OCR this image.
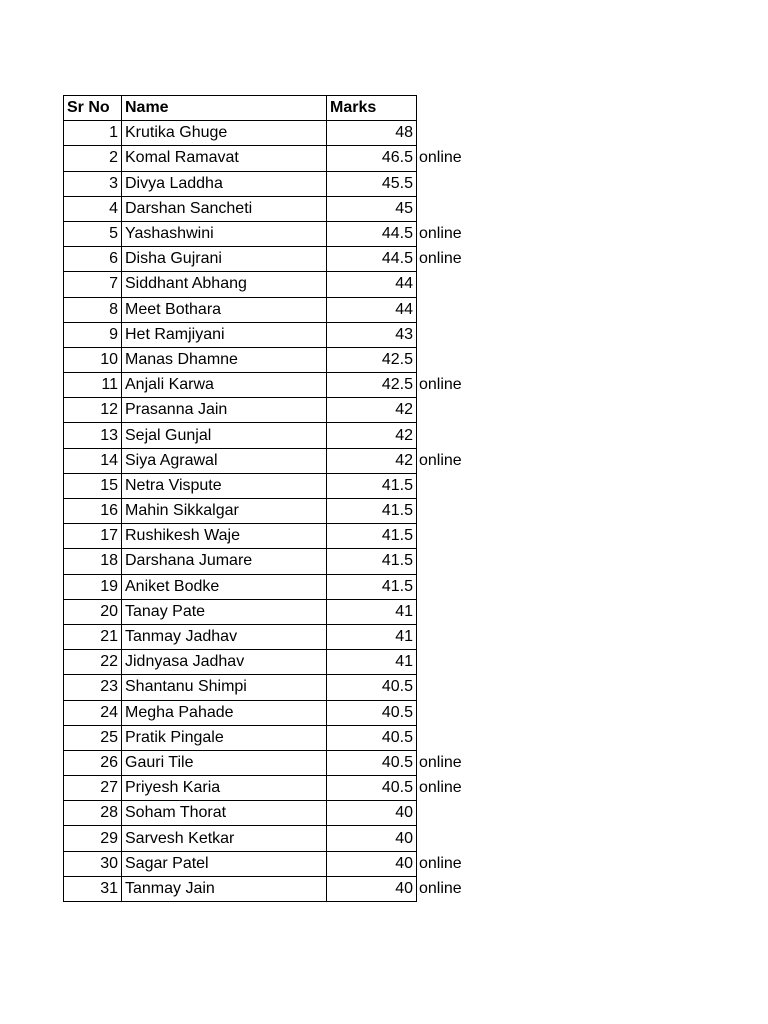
Sr No	Name	Marks	
1	Krutika Ghuge	48	
2	Komal Ramavat	46.5	online
3	Divya Laddha	45.5	
4	Darshan Sancheti	45	
5	Yashashwini	44.5	online
6	Disha Gujrani	44.5	online
7	Siddhant Abhang	44	
8	Meet Bothara	44	
9	Het Ramjiyani	43	
10	Manas Dhamne	42.5	
11	Anjali Karwa	42.5	online
12	Prasanna Jain	42	
13	Sejal Gunjal	42	
14	Siya Agrawal	42	online
15	Netra Vispute	41.5	
16	Mahin Sikkalgar	41.5	
17	Rushikesh Waje	41.5	
18	Darshana Jumare	41.5	
19	Aniket Bodke	41.5	
20	Tanay Pate	41	
21	Tanmay Jadhav	41	
22	Jidnyasa Jadhav	41	
23	Shantanu Shimpi	40.5	
24	Megha Pahade	40.5	
25	Pratik Pingale	40.5	
26	Gauri Tile	40.5	online
27	Priyesh Karia	40.5	online
28	Soham Thorat	40	
29	Sarvesh Ketkar	40	
30	Sagar Patel	40	online
31	Tanmay Jain	40	online
